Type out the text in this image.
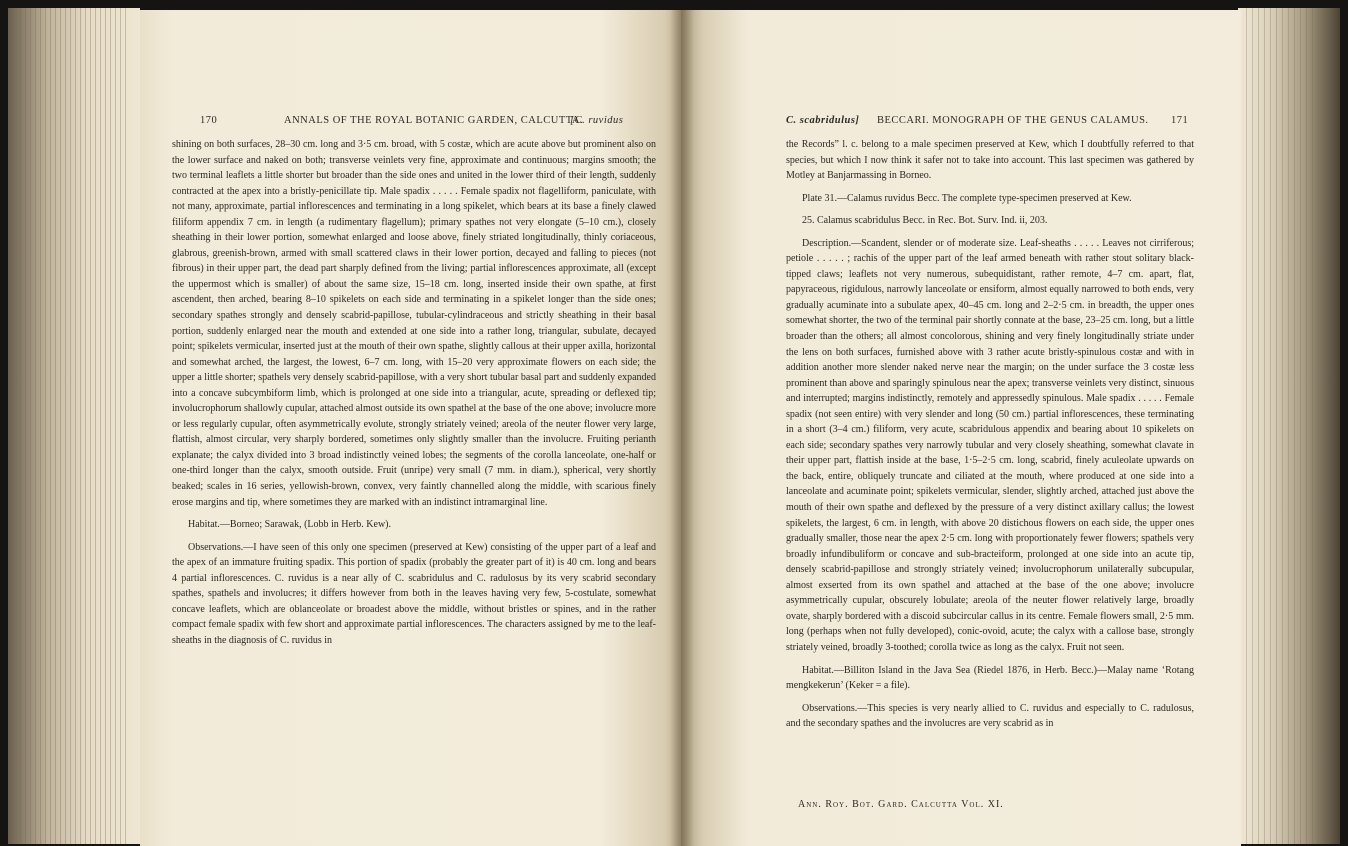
170	ANNALS OF THE ROYAL BOTANIC GARDEN, CALCUTTA.
[C. ruvidus

shining on both surfaces, 28–30 cm. long and 3·5 cm. broad, with 5 costæ, which are acute above but prominent also on the lower surface and naked on both; transverse veinlets very fine, approximate and continuous; margins smooth; the two terminal leaflets a little shorter but broader than the side ones and united in the lower third of their length, suddenly contracted at the apex into a bristly-penicillate tip. Male spadix . . . . . Female spadix not flagelliform, paniculate, with not many, approximate, partial inflorescences and terminating in a long spikelet, which bears at its base a finely clawed filiform appendix 7 cm. in length (a rudimentary flagellum); primary spathes not very elongate (5–10 cm.), closely sheathing in their lower portion, somewhat enlarged and loose above, finely striated longitudinally, thinly coriaceous, glabrous, greenish-brown, armed with small scattered claws in their lower portion, decayed and falling to pieces (not fibrous) in their upper part, the dead part sharply defined from the living; partial inflorescences approximate, all (except the uppermost which is smaller) of about the same size, 15–18 cm. long, inserted inside their own spathe, at first ascendent, then arched, bearing 8–10 spikelets on each side and terminating in a spikelet longer than the side ones; secondary spathes strongly and densely scabrid-papillose, tubular-cylindraceous and strictly sheathing in their basal portion, suddenly enlarged near the mouth and extended at one side into a rather long, triangular, subulate, decayed point; spikelets vermicular, inserted just at the mouth of their own spathe, slightly callous at their upper axilla, horizontal and somewhat arched, the largest, the lowest, 6–7 cm. long, with 15–20 very approximate flowers on each side; the upper a little shorter; spathels very densely scabrid-papillose, with a very short tubular basal part and suddenly expanded into a concave subcymbiform limb, which is prolonged at one side into a triangular, acute, spreading or deflexed tip; involucrophorum shallowly cupular, attached almost outside its own spathel at the base of the one above; involucre more or less regularly cupular, often asymmetrically evolute, strongly striately veined; areola of the neuter flower very large, flattish, almost circular, very sharply bordered, sometimes only slightly smaller than the involucre. Fruiting perianth explanate; the calyx divided into 3 broad indistinctly veined lobes; the segments of the corolla lanceolate, one-half or one-third longer than the calyx, smooth outside. Fruit (unripe) very small (7 mm. in diam.), spherical, very shortly beaked; scales in 16 series, yellowish-brown, convex, very faintly channelled along the middle, with scarious finely erose margins and tip, where sometimes they are marked with an indistinct intramarginal line.

Habitat.—Borneo; Sarawak, (Lobb in Herb. Kew).

Observations.—I have seen of this only one specimen (preserved at Kew) consisting of the upper part of a leaf and the apex of an immature fruiting spadix. This portion of spadix (probably the greater part of it) is 40 cm. long and bears 4 partial inflorescences. C. ruvidus is a near ally of C. scabridulus and C. radulosus by its very scabrid secondary spathes, spathels and involucres; it differs however from both in the leaves having very few, 5-costulate, somewhat concave leaflets, which are oblanceolate or broadest above the middle, without bristles or spines, and in the rather compact female spadix with few short and approximate partial inflorescences. The characters assigned by me to the leaf-sheaths in the diagnosis of C. ruvidus in

C. scabridulus] BECCARI. MONOGRAPH OF THE GENUS CALAMUS. 171

the Records” l. c. belong to a male specimen preserved at Kew, which I doubtfully referred to that species, but which I now think it safer not to take into account. This last specimen was gathered by Motley at Banjarmassing in Borneo.

Plate 31.—Calamus ruvidus Becc. The complete type-specimen preserved at Kew.

25. Calamus scabridulus Becc. in Rec. Bot. Surv. Ind. ii, 203.

Description.—Scandent, slender or of moderate size. Leaf-sheaths . . . . . Leaves not cirriferous; petiole . . . . . ; rachis of the upper part of the leaf armed beneath with rather stout solitary black-tipped claws; leaflets not very numerous, subequidistant, rather remote, 4–7 cm. apart, flat, papyraceous, rigidulous, narrowly lanceolate or ensiform, almost equally narrowed to both ends, very gradually acuminate into a subulate apex, 40–45 cm. long and 2–2·5 cm. in breadth, the upper ones somewhat shorter, the two of the terminal pair shortly connate at the base, 23–25 cm. long, but a little broader than the others; all almost concolorous, shining and very finely longitudinally striate under the lens on both surfaces, furnished above with 3 rather acute bristly-spinulous costæ and with in addition another more slender naked nerve near the margin; on the under surface the 3 costæ less prominent than above and sparingly spinulous near the apex; transverse veinlets very distinct, sinuous and interrupted; margins indistinctly, remotely and appressedly spinulous. Male spadix . . . . . Female spadix (not seen entire) with very slender and long (50 cm.) partial inflorescences, these terminating in a short (3–4 cm.) filiform, very acute, scabridulous appendix and bearing about 10 spikelets on each side; secondary spathes very narrowly tubular and very closely sheathing, somewhat clavate in their upper part, flattish inside at the base, 1·5–2·5 cm. long, scabrid, finely aculeolate upwards on the back, entire, obliquely truncate and ciliated at the mouth, where produced at one side into a lanceolate and acuminate point; spikelets vermicular, slender, slightly arched, attached just above the mouth of their own spathe and deflexed by the pressure of a very distinct axillary callus; the lowest spikelets, the largest, 6 cm. in length, with above 20 distichous flowers on each side, the upper ones gradually smaller, those near the apex 2·5 cm. long with proportionately fewer flowers; spathels very broadly infundibuliform or concave and sub-bracteiform, prolonged at one side into an acute tip, densely scabrid-papillose and strongly striately veined; involucrophorum unilaterally subcupular, almost exserted from its own spathel and attached at the base of the one above; involucre asymmetrically cupular, obscurely lobulate; areola of the neuter flower relatively large, broadly ovate, sharply bordered with a discoid subcircular callus in its centre. Female flowers small, 2·5 mm. long (perhaps when not fully developed), conic-ovoid, acute; the calyx with a callose base, strongly striately veined, broadly 3-toothed; corolla twice as long as the calyx. Fruit not seen.

Habitat.—Billiton Island in the Java Sea (Riedel 1876, in Herb. Becc.)—Malay name ‘Rotang mengkekerun’ (Keker = a file).

Observations.—This species is very nearly allied to C. ruvidus and especially to C. radulosus, and the secondary spathes and the involucres are very scabrid as in

Ann. Roy. Bot. Gard. Calcutta Vol. XI.
